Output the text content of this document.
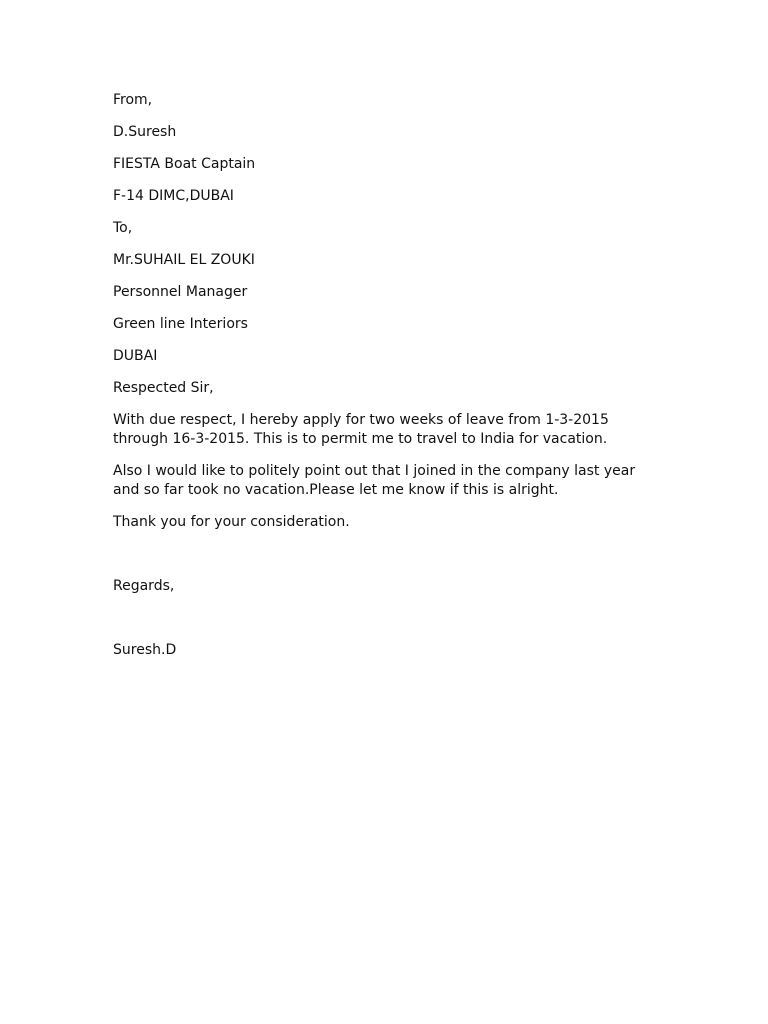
From,
D.Suresh
FIESTA Boat Captain
F-14 DIMC,DUBAI
To,
Mr.SUHAIL EL ZOUKI
Personnel Manager
Green line Interiors
DUBAI
Respected Sir,
With due respect, I hereby apply for two weeks of leave from 1-3-2015
through 16-3-2015. This is to permit me to travel to India for vacation.
Also I would like to politely point out that I joined in the company last year
and so far took no vacation.Please let me know if this is alright.
Thank you for your consideration.
Regards,
Suresh.D
